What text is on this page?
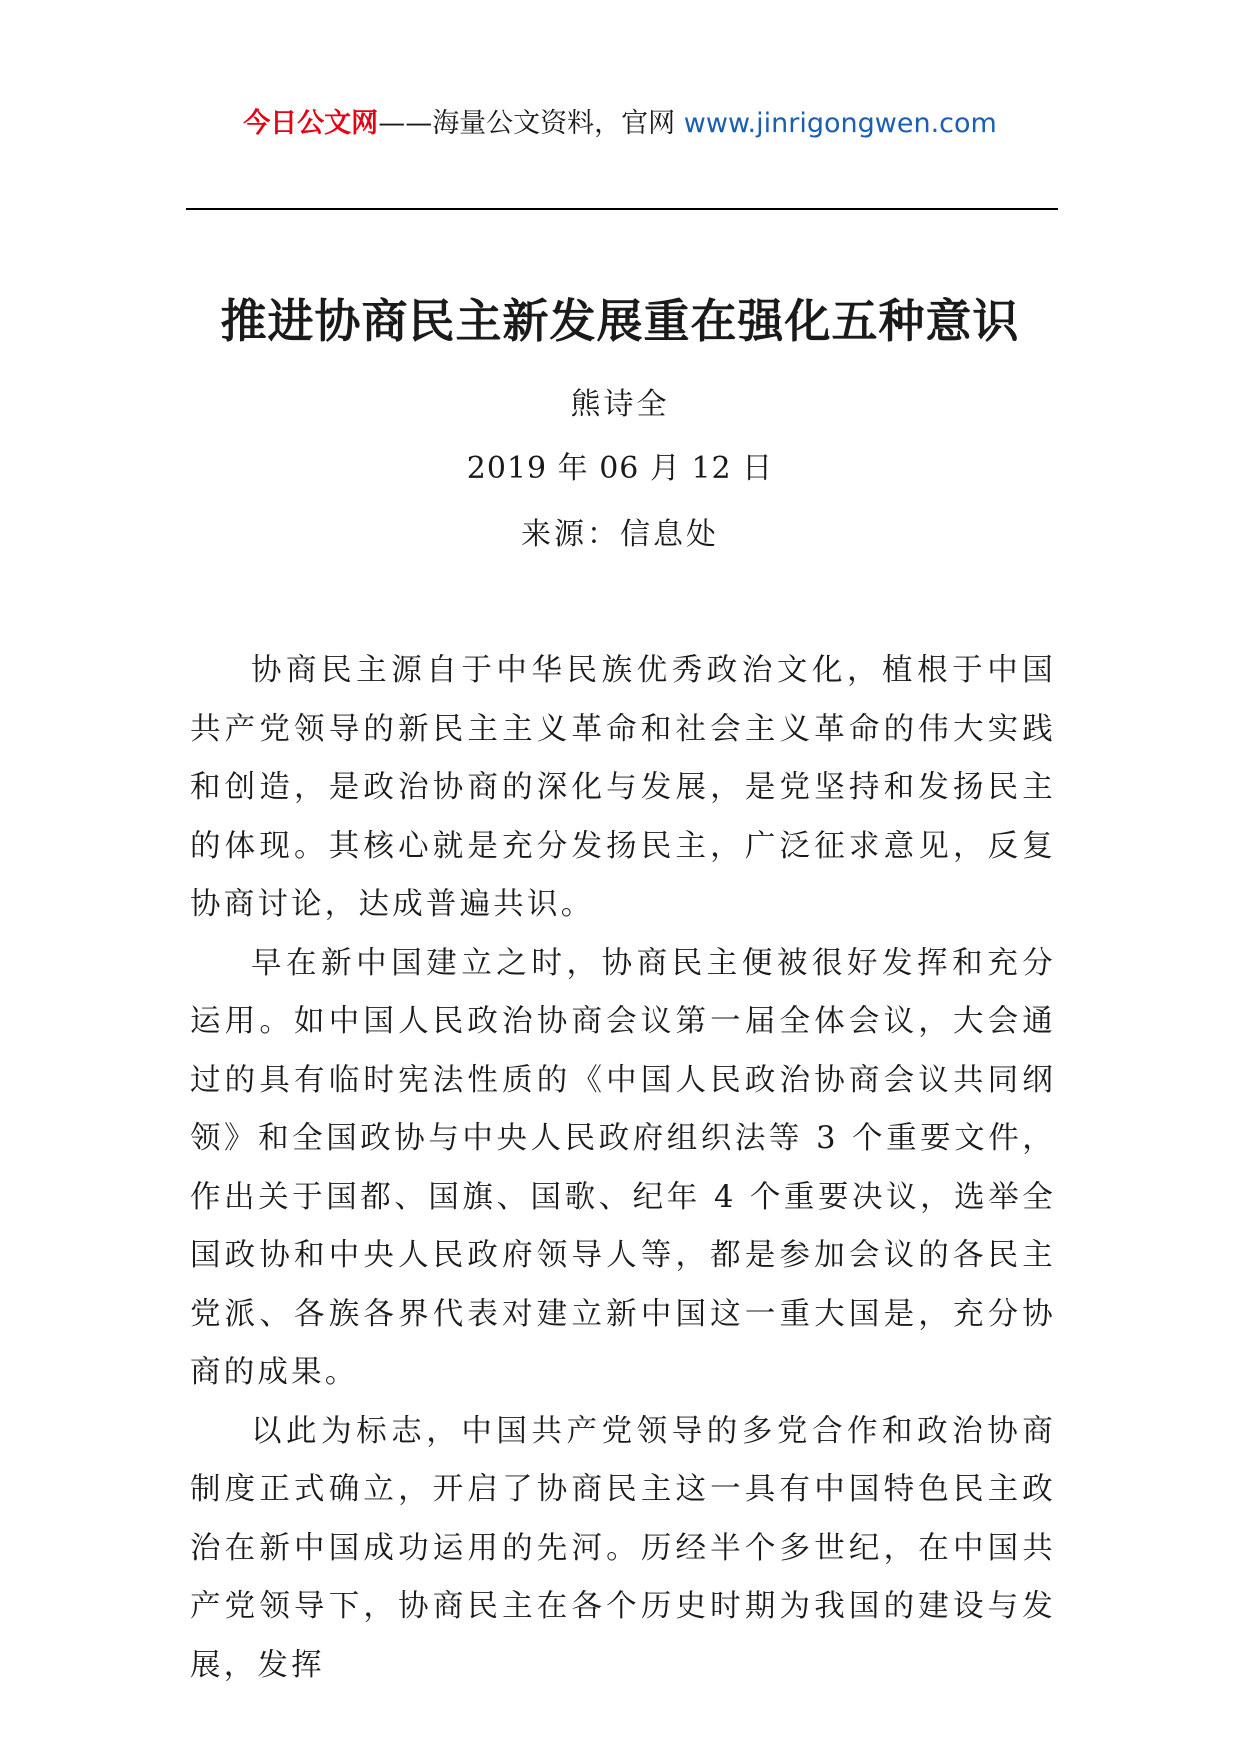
今日公文网——海量公文资料，官网 www.jinrigongwen.com
推进协商民主新发展重在强化五种意识
熊诗全
2019 年 06 月 12 日
来源：信息处

协商民主源自于中华民族优秀政治文化，植根于中国共产党领导的新民主主义革命和社会主义革命的伟大实践和创造，是政治协商的深化与发展，是党坚持和发扬民主的体现。其核心就是充分发扬民主，广泛征求意见，反复协商讨论，达成普遍共识。

早在新中国建立之时，协商民主便被很好发挥和充分运用。如中国人民政治协商会议第一届全体会议，大会通过的具有临时宪法性质的《中国人民政治协商会议共同纲领》和全国政协与中央人民政府组织法等 3 个重要文件，作出关于国都、国旗、国歌、纪年 4 个重要决议，选举全国政协和中央人民政府领导人等，都是参加会议的各民主党派、各族各界代表对建立新中国这一重大国是，充分协商的成果。

以此为标志，中国共产党领导的多党合作和政治协商制度正式确立，开启了协商民主这一具有中国特色民主政治在新中国成功运用的先河。历经半个多世纪，在中国共产党领导下，协商民主在各个历史时期为我国的建设与发展，发挥
